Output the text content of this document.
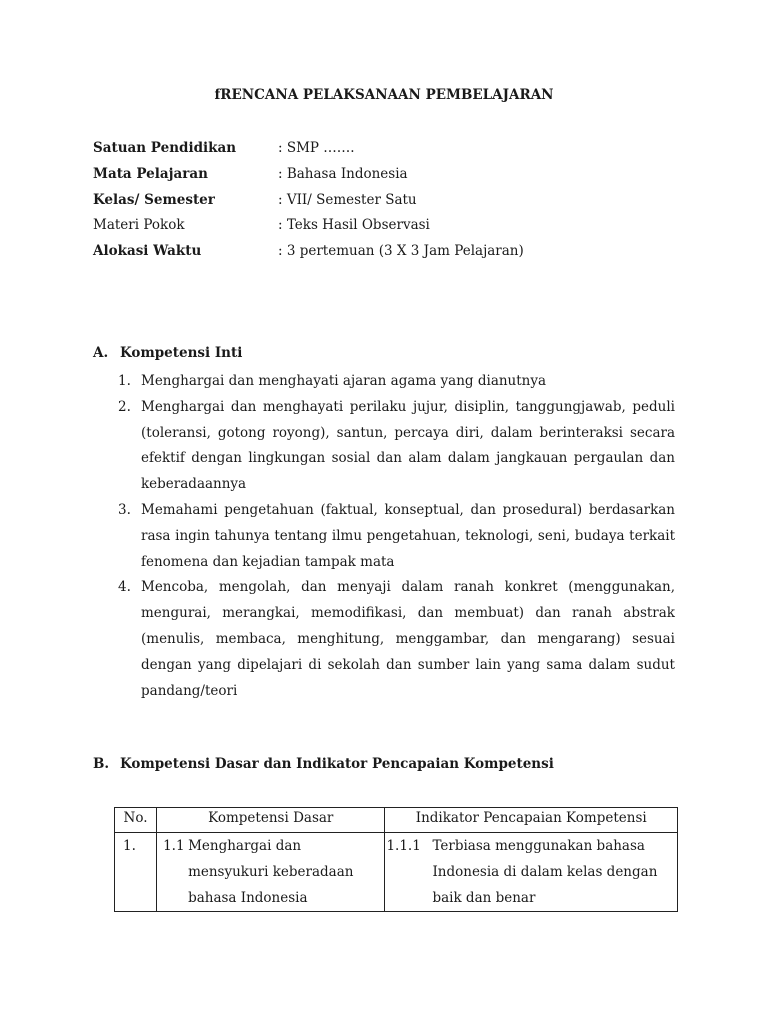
fRENCANA PELAKSANAAN PEMBELAJARAN
Satuan Pendidikan	: SMP …….
Mata Pelajaran	: Bahasa Indonesia
Kelas/ Semester	: VII/ Semester Satu
Materi Pokok	: Teks Hasil Observasi
Alokasi Waktu	: 3 pertemuan (3 X 3 Jam Pelajaran)
A. Kompetensi Inti
1. Menghargai dan menghayati ajaran agama yang dianutnya
2. Menghargai dan menghayati perilaku jujur, disiplin, tanggungjawab, peduli (toleransi, gotong royong), santun, percaya diri, dalam berinteraksi secara efektif dengan lingkungan sosial dan alam dalam jangkauan pergaulan dan keberadaannya
3. Memahami pengetahuan (faktual, konseptual, dan prosedural) berdasarkan rasa ingin tahunya tentang ilmu pengetahuan, teknologi, seni, budaya terkait fenomena dan kejadian tampak mata
4. Mencoba, mengolah, dan menyaji dalam ranah konkret (menggunakan, mengurai, merangkai, memodifikasi, dan membuat) dan ranah abstrak (menulis, membaca, menghitung, menggambar, dan mengarang) sesuai dengan yang dipelajari di sekolah dan sumber lain yang sama dalam sudut pandang/teori
B. Kompetensi Dasar dan Indikator Pencapaian Kompetensi
No.	Kompetensi Dasar	Indikator Pencapaian Kompetensi
1.	1.1 Menghargai dan mensyukuri keberadaan bahasa Indonesia	1.1.1 Terbiasa menggunakan bahasa Indonesia di dalam kelas dengan baik dan benar
